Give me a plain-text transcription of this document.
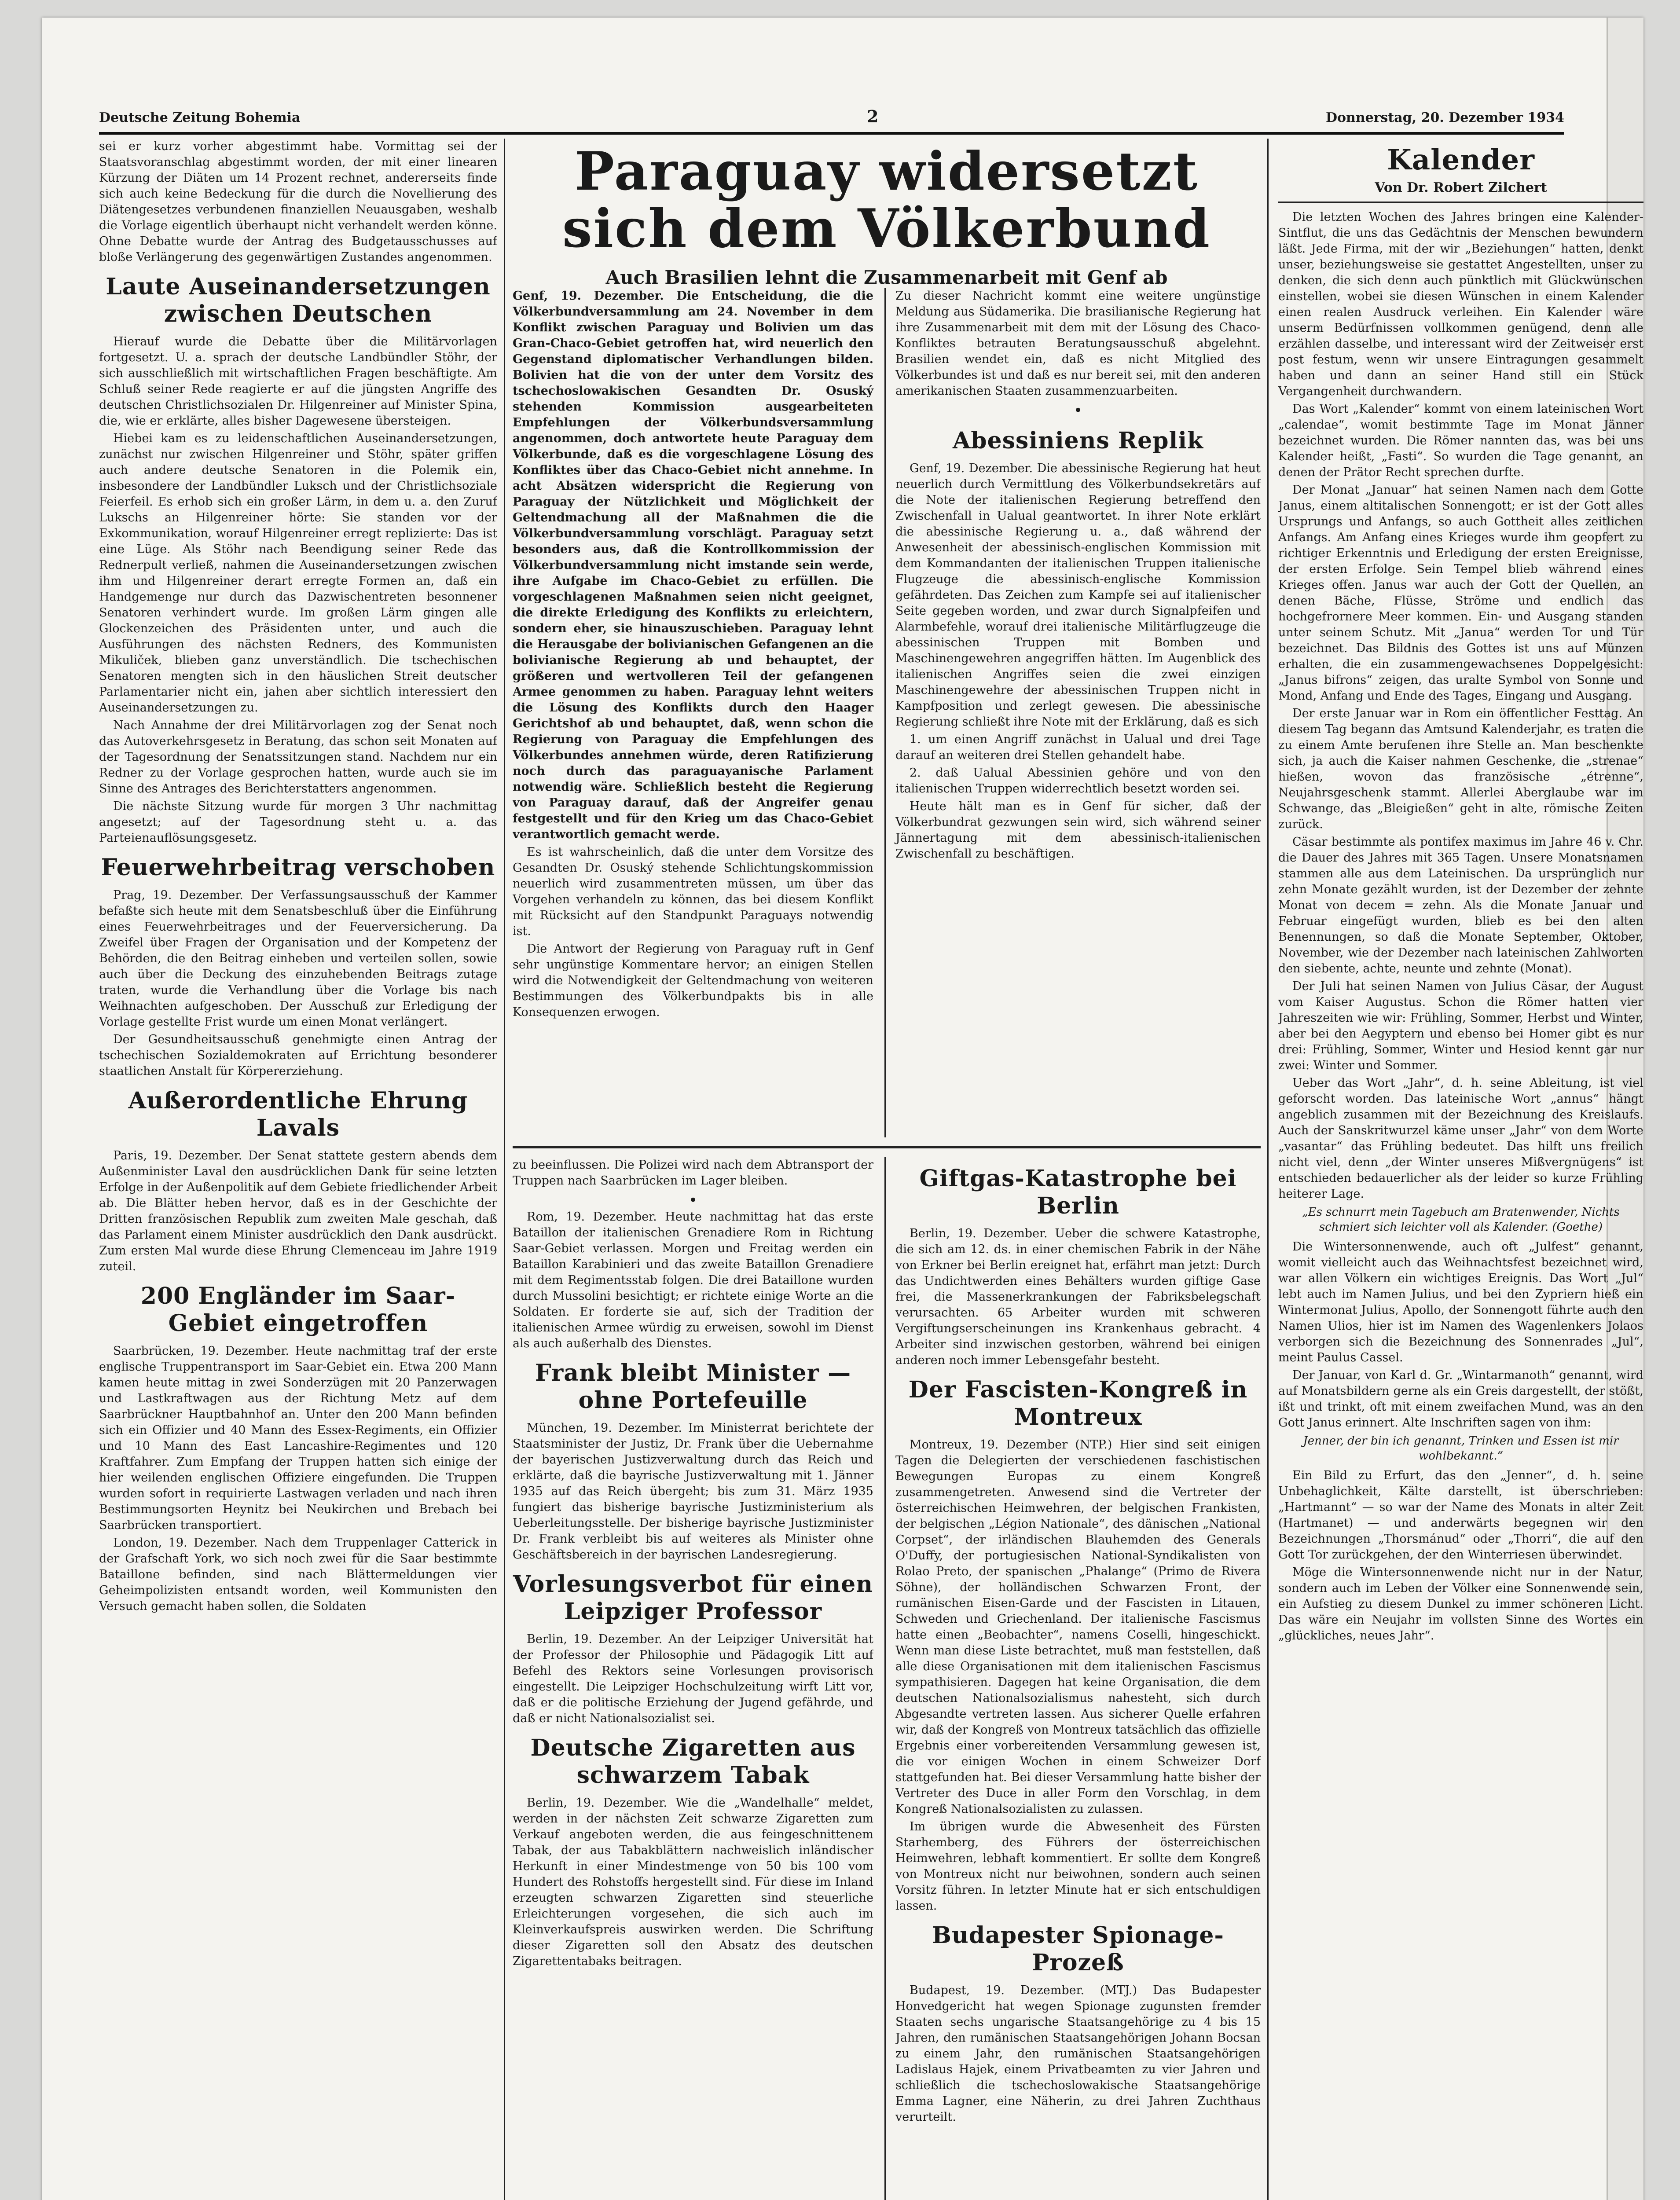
Deutsche Zeitung Bohemia	2	Donnerstag, 20. Dezember 1934

sei er kurz vorher abgestimmt habe. Vormittag sei der Staatsvoranschlag abgestimmt worden, der mit einer linearen Kürzung der Diäten um 14 Prozent rechnet, andererseits finde sich auch keine Bedeckung für die durch die Novellierung des Diätengesetzes verbundenen finanziellen Neuausgaben, weshalb die Vorlage eigentlich überhaupt nicht verhandelt werden könne. Ohne Debatte wurde der Antrag des Budgetausschusses auf bloße Verlängerung des gegenwärtigen Zustandes angenommen.

Laute Auseinandersetzungen zwischen Deutschen

Hierauf wurde die Debatte über die Militärvorlagen fortgesetzt. U. a. sprach der deutsche Landbündler Stöhr, der sich ausschließlich mit wirtschaftlichen Fragen beschäftigte. Am Schluß seiner Rede reagierte er auf die jüngsten Angriffe des deutschen Christlichsozialen Dr. Hilgenreiner auf Minister Spina, die, wie er erklärte, alles bisher Dagewesene übersteigen.

Hiebei kam es zu leidenschaftlichen Auseinandersetzungen, zunächst nur zwischen Hilgenreiner und Stöhr, später griffen auch andere deutsche Senatoren in die Polemik ein, insbesondere der Landbündler Luksch und der Christlichsoziale Feierfeil. Es erhob sich ein großer Lärm, in dem u. a. den Zuruf Lukschs an Hilgenreiner hörte: Sie standen vor der Exkommunikation, worauf Hilgenreiner erregt replizierte: Das ist eine Lüge. Als Stöhr nach Beendigung seiner Rede das Rednerpult verließ, nahmen die Auseinandersetzungen zwischen ihm und Hilgenreiner derart erregte Formen an, daß ein Handgemenge nur durch das Dazwischentreten besonnener Senatoren verhindert wurde. Im großen Lärm gingen alle Glockenzeichen des Präsidenten unter, und auch die Ausführungen des nächsten Redners, des Kommunisten Mikuliček, blieben ganz unverständlich. Die tschechischen Senatoren mengten sich in den häuslichen Streit deutscher Parlamentarier nicht ein, jahen aber sichtlich interessiert den Auseinandersetzungen zu.

Nach Annahme der drei Militärvorlagen zog der Senat noch das Autoverkehrsgesetz in Beratung, das schon seit Monaten auf der Tagesordnung der Senatssitzungen stand. Nachdem nur ein Redner zu der Vorlage gesprochen hatten, wurde auch sie im Sinne des Antrages des Berichterstatters angenommen.

Die nächste Sitzung wurde für morgen 3 Uhr nachmittag angesetzt; auf der Tagesordnung steht u. a. das Parteienauflösungsgesetz.

Feuerwehrbeitrag verschoben

Prag, 19. Dezember. Der Verfassungsausschuß der Kammer befaßte sich heute mit dem Senatsbeschluß über die Einführung eines Feuerwehrbeitrages und der Feuerversicherung. Da Zweifel über Fragen der Organisation und der Kompetenz der Behörden, die den Beitrag einheben und verteilen sollen, sowie auch über die Deckung des einzuhebenden Beitrags zutage traten, wurde die Verhandlung über die Vorlage bis nach Weihnachten aufgeschoben. Der Ausschuß zur Erledigung der Vorlage gestellte Frist wurde um einen Monat verlängert.

Der Gesundheitsausschuß genehmigte einen Antrag der tschechischen Sozialdemokraten auf Errichtung besonderer staatlichen Anstalt für Körpererziehung.

Außerordentliche Ehrung Lavals

Paris, 19. Dezember. Der Senat stattete gestern abends dem Außenminister Laval den ausdrücklichen Dank für seine letzten Erfolge in der Außenpolitik auf dem Gebiete friedlichender Arbeit ab. Die Blätter heben hervor, daß es in der Geschichte der Dritten französischen Republik zum zweiten Male geschah, daß das Parlament einem Minister ausdrücklich den Dank ausdrückt. Zum ersten Mal wurde diese Ehrung Clemenceau im Jahre 1919 zuteil.

200 Engländer im Saar-Gebiet eingetroffen

Saarbrücken, 19. Dezember. Heute nachmittag traf der erste englische Truppentransport im Saar-Gebiet ein. Etwa 200 Mann kamen heute mittag in zwei Sonderzügen mit 20 Panzerwagen und Lastkraftwagen aus der Richtung Metz auf dem Saarbrückner Hauptbahnhof an. Unter den 200 Mann befinden sich ein Offizier und 40 Mann des Essex-Regiments, ein Offizier und 10 Mann des East Lancashire-Regimentes und 120 Kraftfahrer. Zum Empfang der Truppen hatten sich einige der hier weilenden englischen Offiziere eingefunden. Die Truppen wurden sofort in requirierte Lastwagen verladen und nach ihren Bestimmungsorten Heynitz bei Neukirchen und Brebach bei Saarbrücken transportiert.

London, 19. Dezember. Nach dem Truppenlager Catterick in der Grafschaft York, wo sich noch zwei für die Saar bestimmte Bataillone befinden, sind nach Blättermeldungen vier Geheimpolizisten entsandt worden, weil Kommunisten den Versuch gemacht haben sollen, die Soldaten

Paraguay widersetzt sich dem Völkerbund
Auch Brasilien lehnt die Zusammenarbeit mit Genf ab

Genf, 19. Dezember. Die Entscheidung, die die Völkerbundversammlung am 24. November in dem Konflikt zwischen Paraguay und Bolivien um das Gran-Chaco-Gebiet getroffen hat, wird neuerlich den Gegenstand diplomatischer Verhandlungen bilden. Bolivien hat die von der unter dem Vorsitz des tschechoslowakischen Gesandten Dr. Osuský stehenden Kommission ausgearbeiteten Empfehlungen der Völkerbundsversammlung angenommen, doch antwortete heute Paraguay dem Völkerbunde, daß es die vorgeschlagene Lösung des Konfliktes über das Chaco-Gebiet nicht annehme. In acht Absätzen widerspricht die Regierung von Paraguay der Nützlichkeit und Möglichkeit der Geltendmachung all der Maßnahmen die die Völkerbundversammlung vorschlägt. Paraguay setzt besonders aus, daß die Kontrollkommission der Völkerbundversammlung nicht imstande sein werde, ihre Aufgabe im Chaco-Gebiet zu erfüllen. Die vorgeschlagenen Maßnahmen seien nicht geeignet, die direkte Erledigung des Konflikts zu erleichtern, sondern eher, sie hinauszuschieben. Paraguay lehnt die Herausgabe der bolivianischen Gefangenen an die bolivianische Regierung ab und behauptet, der größeren und wertvolleren Teil der gefangenen Armee genommen zu haben. Paraguay lehnt weiters die Lösung des Konflikts durch den Haager Gerichtshof ab und behauptet, daß, wenn schon die Regierung von Paraguay die Empfehlungen des Völkerbundes annehmen würde, deren Ratifizierung noch durch das paraguayanische Parlament notwendig wäre. Schließlich besteht die Regierung von Paraguay darauf, daß der Angreifer genau festgestellt und für den Krieg um das Chaco-Gebiet verantwortlich gemacht werde.

Es ist wahrscheinlich, daß die unter dem Vorsitze des Gesandten Dr. Osuský stehende Schlichtungskommission neuerlich wird zusammentreten müssen, um über das Vorgehen verhandeln zu können, das bei diesem Konflikt mit Rücksicht auf den Standpunkt Paraguays notwendig ist.

Die Antwort der Regierung von Paraguay ruft in Genf sehr ungünstige Kommentare hervor; an einigen Stellen wird die Notwendigkeit der Geltendmachung von weiteren Bestimmungen des Völkerbundpakts bis in alle Konsequenzen erwogen.

Zu dieser Nachricht kommt eine weitere ungünstige Meldung aus Südamerika. Die brasilianische Regierung hat ihre Zusammenarbeit mit dem mit der Lösung des Chaco-Konfliktes betrauten Beratungsausschuß abgelehnt. Brasilien wendet ein, daß es nicht Mitglied des Völkerbundes ist und daß es nur bereit sei, mit den anderen amerikanischen Staaten zusammenzuarbeiten.

•
Abessiniens Replik

Genf, 19. Dezember. Die abessinische Regierung hat heut neuerlich durch Vermittlung des Völkerbundsekretärs auf die Note der italienischen Regierung betreffend den Zwischenfall in Ualual geantwortet. In ihrer Note erklärt die abessinische Regierung u. a., daß während der Anwesenheit der abessinisch-englischen Kommission mit dem Kommandanten der italienischen Truppen italienische Flugzeuge die abessinisch-englische Kommission gefährdeten. Das Zeichen zum Kampfe sei auf italienischer Seite gegeben worden, und zwar durch Signalpfeifen und Alarmbefehle, worauf drei italienische Militärflugzeuge die abessinischen Truppen mit Bomben und Maschinengewehren angegriffen hätten. Im Augenblick des italienischen Angriffes seien die zwei einzigen Maschinengewehre der abessinischen Truppen nicht in Kampfposition und zerlegt gewesen. Die abessinische Regierung schließt ihre Note mit der Erklärung, daß es sich

1. um einen Angriff zunächst in Ualual und drei Tage darauf an weiteren drei Stellen gehandelt habe.

2. daß Ualual Abessinien gehöre und von den italienischen Truppen widerrechtlich besetzt worden sei.

Heute hält man es in Genf für sicher, daß der Völkerbundrat gezwungen sein wird, sich während seiner Jännertagung mit dem abessinisch-italienischen Zwischenfall zu beschäftigen.

zu beeinflussen. Die Polizei wird nach dem Abtransport der Truppen nach Saarbrücken im Lager bleiben.

•

Rom, 19. Dezember. Heute nachmittag hat das erste Bataillon der italienischen Grenadiere Rom in Richtung Saar-Gebiet verlassen. Morgen und Freitag werden ein Bataillon Karabinieri und das zweite Bataillon Grenadiere mit dem Regimentsstab folgen. Die drei Bataillone wurden durch Mussolini besichtigt; er richtete einige Worte an die Soldaten. Er forderte sie auf, sich der Tradition der italienischen Armee würdig zu erweisen, sowohl im Dienst als auch außerhalb des Dienstes.

Frank bleibt Minister — ohne Portefeuille

München, 19. Dezember. Im Ministerrat berichtete der Staatsminister der Justiz, Dr. Frank über die Uebernahme der bayerischen Justizverwaltung durch das Reich und erklärte, daß die bayrische Justizverwaltung mit 1. Jänner 1935 auf das Reich übergeht; bis zum 31. März 1935 fungiert das bisherige bayrische Justizministerium als Ueberleitungsstelle. Der bisherige bayrische Justizminister Dr. Frank verbleibt bis auf weiteres als Minister ohne Geschäftsbereich in der bayrischen Landesregierung.

Vorlesungsverbot für einen Leipziger Professor

Berlin, 19. Dezember. An der Leipziger Universität hat der Professor der Philosophie und Pädagogik Litt auf Befehl des Rektors seine Vorlesungen provisorisch eingestellt. Die Leipziger Hochschulzeitung wirft Litt vor, daß er die politische Erziehung der Jugend gefährde, und daß er nicht Nationalsozialist sei.

Deutsche Zigaretten aus schwarzem Tabak

Berlin, 19. Dezember. Wie die „Wandelhalle“ meldet, werden in der nächsten Zeit schwarze Zigaretten zum Verkauf angeboten werden, die aus feingeschnittenem Tabak, der aus Tabakblättern nachweislich inländischer Herkunft in einer Mindestmenge von 50 bis 100 vom Hundert des Rohstoffs hergestellt sind. Für diese im Inland erzeugten schwarzen Zigaretten sind steuerliche Erleichterungen vorgesehen, die sich auch im Kleinverkaufspreis auswirken werden. Die Schriftung dieser Zigaretten soll den Absatz des deutschen Zigarettentabaks beitragen.

Giftgas-Katastrophe bei Berlin

Berlin, 19. Dezember. Ueber die schwere Katastrophe, die sich am 12. ds. in einer chemischen Fabrik in der Nähe von Erkner bei Berlin ereignet hat, erfährt man jetzt: Durch das Undichtwerden eines Behälters wurden giftige Gase frei, die Massenerkrankungen der Fabriksbelegschaft verursachten. 65 Arbeiter wurden mit schweren Vergiftungserscheinungen ins Krankenhaus gebracht. 4 Arbeiter sind inzwischen gestorben, während bei einigen anderen noch immer Lebensgefahr besteht.

Der Fascisten-Kongreß in Montreux

Montreux, 19. Dezember (NTP.) Hier sind seit einigen Tagen die Delegierten der verschiedenen faschistischen Bewegungen Europas zu einem Kongreß zusammengetreten. Anwesend sind die Vertreter der österreichischen Heimwehren, der belgischen Frankisten, der belgischen „Légion Nationale“, des dänischen „National Corpset“, der irländischen Blauhemden des Generals O'Duffy, der portugiesischen National-Syndikalisten von Rolao Preto, der spanischen „Phalange“ (Primo de Rivera Söhne), der holländischen Schwarzen Front, der rumänischen Eisen-Garde und der Fascisten in Litauen, Schweden und Griechenland. Der italienische Fascismus hatte einen „Beobachter“, namens Coselli, hingeschickt. Wenn man diese Liste betrachtet, muß man feststellen, daß alle diese Organisationen mit dem italienischen Fascismus sympathisieren. Dagegen hat keine Organisation, die dem deutschen Nationalsozialismus nahesteht, sich durch Abgesandte vertreten lassen. Aus sicherer Quelle erfahren wir, daß der Kongreß von Montreux tatsächlich das offizielle Ergebnis einer vorbereitenden Versammlung gewesen ist, die vor einigen Wochen in einem Schweizer Dorf stattgefunden hat. Bei dieser Versammlung hatte bisher der Vertreter des Duce in aller Form den Vorschlag, in dem Kongreß Nationalsozialisten zu zulassen.

Im übrigen wurde die Abwesenheit des Fürsten Starhemberg, des Führers der österreichischen Heimwehren, lebhaft kommentiert. Er sollte dem Kongreß von Montreux nicht nur beiwohnen, sondern auch seinen Vorsitz führen. In letzter Minute hat er sich entschuldigen lassen.

Budapester Spionage-Prozeß

Budapest, 19. Dezember. (MTJ.) Das Budapester Honvedgericht hat wegen Spionage zugunsten fremder Staaten sechs ungarische Staatsangehörige zu 4 bis 15 Jahren, den rumänischen Staatsangehörigen Johann Bocsan zu einem Jahr, den rumänischen Staatsangehörigen Ladislaus Hajek, einem Privatbeamten zu vier Jahren und schließlich die tschechoslowakische Staatsangehörige Emma Lagner, eine Näherin, zu drei Jahren Zuchthaus verurteilt.

Kalender
Von Dr. Robert Zilchert

Die letzten Wochen des Jahres bringen eine Kalender-Sintflut, die uns das Gedächtnis der Menschen bewundern läßt. Jede Firma, mit der wir „Beziehungen“ hatten, denkt unser, beziehungsweise sie gestattet Angestellten, unser zu denken, die sich denn auch pünktlich mit Glückwünschen einstellen, wobei sie diesen Wünschen in einem Kalender einen realen Ausdruck verleihen. Ein Kalender wäre unserm Bedürfnissen vollkommen genügend, denn alle erzählen dasselbe, und interessant wird der Zeitweiser erst post festum, wenn wir unsere Eintragungen gesammelt haben und dann an seiner Hand still ein Stück Vergangenheit durchwandern.

Das Wort „Kalender“ kommt von einem lateinischen Wort „calendae“, womit bestimmte Tage im Monat Jänner bezeichnet wurden. Die Römer nannten das, was bei uns Kalender heißt, „Fasti“. So wurden die Tage genannt, an denen der Prätor Recht sprechen durfte.

Der Monat „Januar“ hat seinen Namen nach dem Gotte Janus, einem altitalischen Sonnengott; er ist der Gott alles Ursprungs und Anfangs, so auch Gottheit alles zeitlichen Anfangs. Am Anfang eines Krieges wurde ihm geopfert zu richtiger Erkenntnis und Erledigung der ersten Ereignisse, der ersten Erfolge. Sein Tempel blieb während eines Krieges offen. Janus war auch der Gott der Quellen, an denen Bäche, Flüsse, Ströme und endlich das hochgefrornere Meer kommen. Ein- und Ausgang standen unter seinem Schutz. Mit „Janua“ werden Tor und Tür bezeichnet. Das Bildnis des Gottes ist uns auf Münzen erhalten, die ein zusammengewachsenes Doppelgesicht: „Janus bifrons“ zeigen, das uralte Symbol von Sonne und Mond, Anfang und Ende des Tages, Eingang und Ausgang.

Der erste Januar war in Rom ein öffentlicher Festtag. An diesem Tag begann das Amtsund Kalenderjahr, es traten die zu einem Amte berufenen ihre Stelle an. Man beschenkte sich, ja auch die Kaiser nahmen Geschenke, die „strenae“ hießen, wovon das französische „étrenne“, Neujahrsgeschenk stammt. Allerlei Aberglaube war im Schwange, das „Bleigießen“ geht in alte, römische Zeiten zurück.

Cäsar bestimmte als pontifex maximus im Jahre 46 v. Chr. die Dauer des Jahres mit 365 Tagen. Unsere Monatsnamen stammen alle aus dem Lateinischen. Da ursprünglich nur zehn Monate gezählt wurden, ist der Dezember der zehnte Monat von decem = zehn. Als die Monate Januar und Februar eingefügt wurden, blieb es bei den alten Benennungen, so daß die Monate September, Oktober, November, wie der Dezember nach lateinischen Zahlworten den siebente, achte, neunte und zehnte (Monat).

Der Juli hat seinen Namen von Julius Cäsar, der August vom Kaiser Augustus. Schon die Römer hatten vier Jahreszeiten wie wir: Frühling, Sommer, Herbst und Winter, aber bei den Aegyptern und ebenso bei Homer gibt es nur drei: Frühling, Sommer, Winter und Hesiod kennt gar nur zwei: Winter und Sommer.

Ueber das Wort „Jahr“, d. h. seine Ableitung, ist viel geforscht worden. Das lateinische Wort „annus“ hängt angeblich zusammen mit der Bezeichnung des Kreislaufs. Auch der Sanskritwurzel käme unser „Jahr“ von dem Worte „vasantar“ das Frühling bedeutet. Das hilft uns freilich nicht viel, denn „der Winter unseres Mißvergnügens“ ist entschieden bedauerlicher als der leider so kurze Frühling heiterer Lage.

„Es schnurrt mein Tagebuch am Bratenwender, Nichts schmiert sich leichter voll als Kalender. (Goethe)

Die Wintersonnenwende, auch oft „Julfest“ genannt, womit vielleicht auch das Weihnachtsfest bezeichnet wird, war allen Völkern ein wichtiges Ereignis. Das Wort „Jul“ lebt auch im Namen Julius, und bei den Zypriern hieß ein Wintermonat Julius, Apollo, der Sonnengott führte auch den Namen Ulios, hier ist im Namen des Wagenlenkers Jolaos verborgen sich die Bezeichnung des Sonnenrades „Jul“, meint Paulus Cassel.

Der Januar, von Karl d. Gr. „Wintarmanoth“ genannt, wird auf Monatsbildern gerne als ein Greis dargestellt, der stößt, ißt und trinkt, oft mit einem zweifachen Mund, was an den Gott Janus erinnert. Alte Inschriften sagen von ihm:

Jenner, der bin ich genannt, Trinken und Essen ist mir wohlbekannt.“

Ein Bild zu Erfurt, das den „Jenner“, d. h. seine Unbehaglichkeit, Kälte darstellt, ist überschrieben: „Hartmannt“ — so war der Name des Monats in alter Zeit (Hartmanet) — und anderwärts begegnen wir den Bezeichnungen „Thorsmánud“ oder „Thorri“, die auf den Gott Tor zurückgehen, der den Winterriesen überwindet.

Möge die Wintersonnenwende nicht nur in der Natur, sondern auch im Leben der Völker eine Sonnenwende sein, ein Aufstieg zu diesem Dunkel zu immer schöneren Licht. Das wäre ein Neujahr im vollsten Sinne des Wortes ein „glückliches, neues Jahr“.
